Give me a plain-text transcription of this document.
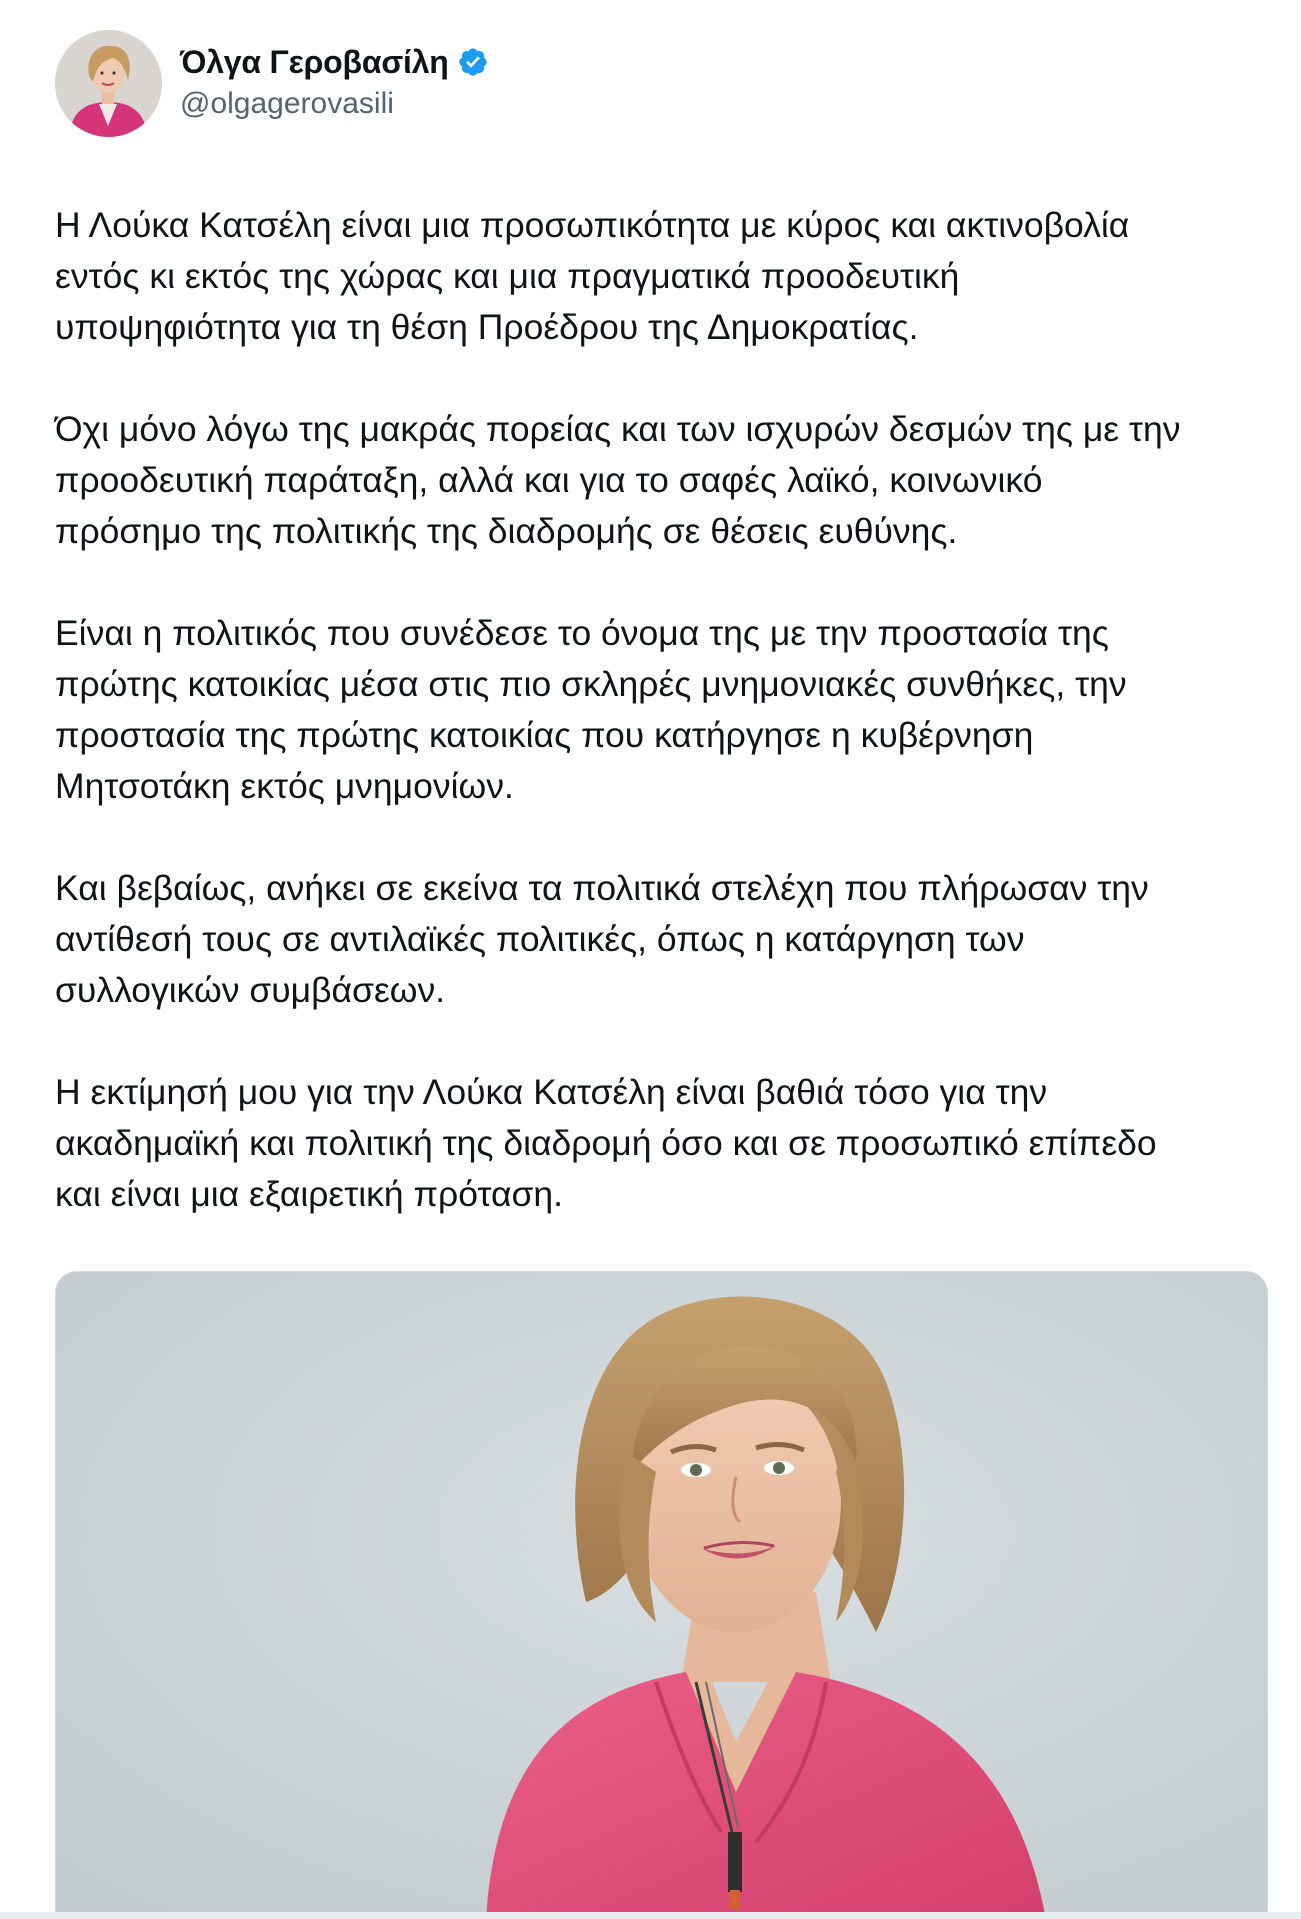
Όλγα Γεροβασίλη
@olgagerovasili

Η Λούκα Κατσέλη είναι μια προσωπικότητα με κύρος και ακτινοβολία
εντός κι εκτός της χώρας και μια πραγματικά προοδευτική
υποψηφιότητα για τη θέση Προέδρου της Δημοκρατίας.

Όχι μόνο λόγω της μακράς πορείας και των ισχυρών δεσμών της με την
προοδευτική παράταξη, αλλά και για το σαφές λαϊκό, κοινωνικό
πρόσημο της πολιτικής της διαδρομής σε θέσεις ευθύνης.

Είναι η πολιτικός που συνέδεσε το όνομα της με την προστασία της
πρώτης κατοικίας μέσα στις πιο σκληρές μνημονιακές συνθήκες, την
προστασία της πρώτης κατοικίας που κατήργησε η κυβέρνηση
Μητσοτάκη εκτός μνημονίων.

Και βεβαίως, ανήκει σε εκείνα τα πολιτικά στελέχη που πλήρωσαν την
αντίθεσή τους σε αντιλαϊκές πολιτικές, όπως η κατάργηση των
συλλογικών συμβάσεων.

Η εκτίμησή μου για την Λούκα Κατσέλη είναι βαθιά τόσο για την
ακαδημαϊκή και πολιτική της διαδρομή όσο και σε προσωπικό επίπεδο
και είναι μια εξαιρετική πρόταση.
